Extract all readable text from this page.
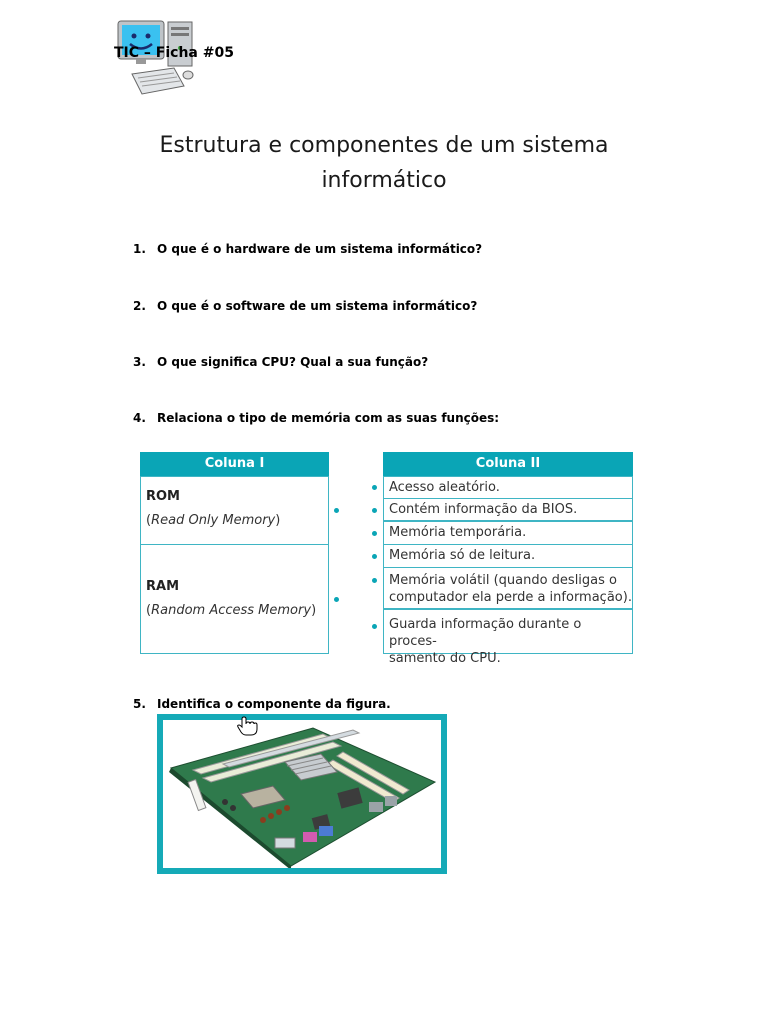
TIC – Ficha #05
Estrutura e componentes de um sistema
informático
1. O que é o hardware de um sistema informático?
2. O que é o software de um sistema informático?
3. O que significa CPU? Qual a sua função?
4. Relaciona o tipo de memória com as suas funções:
Coluna I	Coluna II
ROM
(Read Only Memory)
RAM
(Random Access Memory)
Acesso aleatório.
Contém informação da BIOS.
Memória temporária.
Memória só de leitura.
Memória volátil (quando desligas o
computador ela perde a informação).
Guarda informação durante o proces-
samento do CPU.
5. Identifica o componente da figura.
